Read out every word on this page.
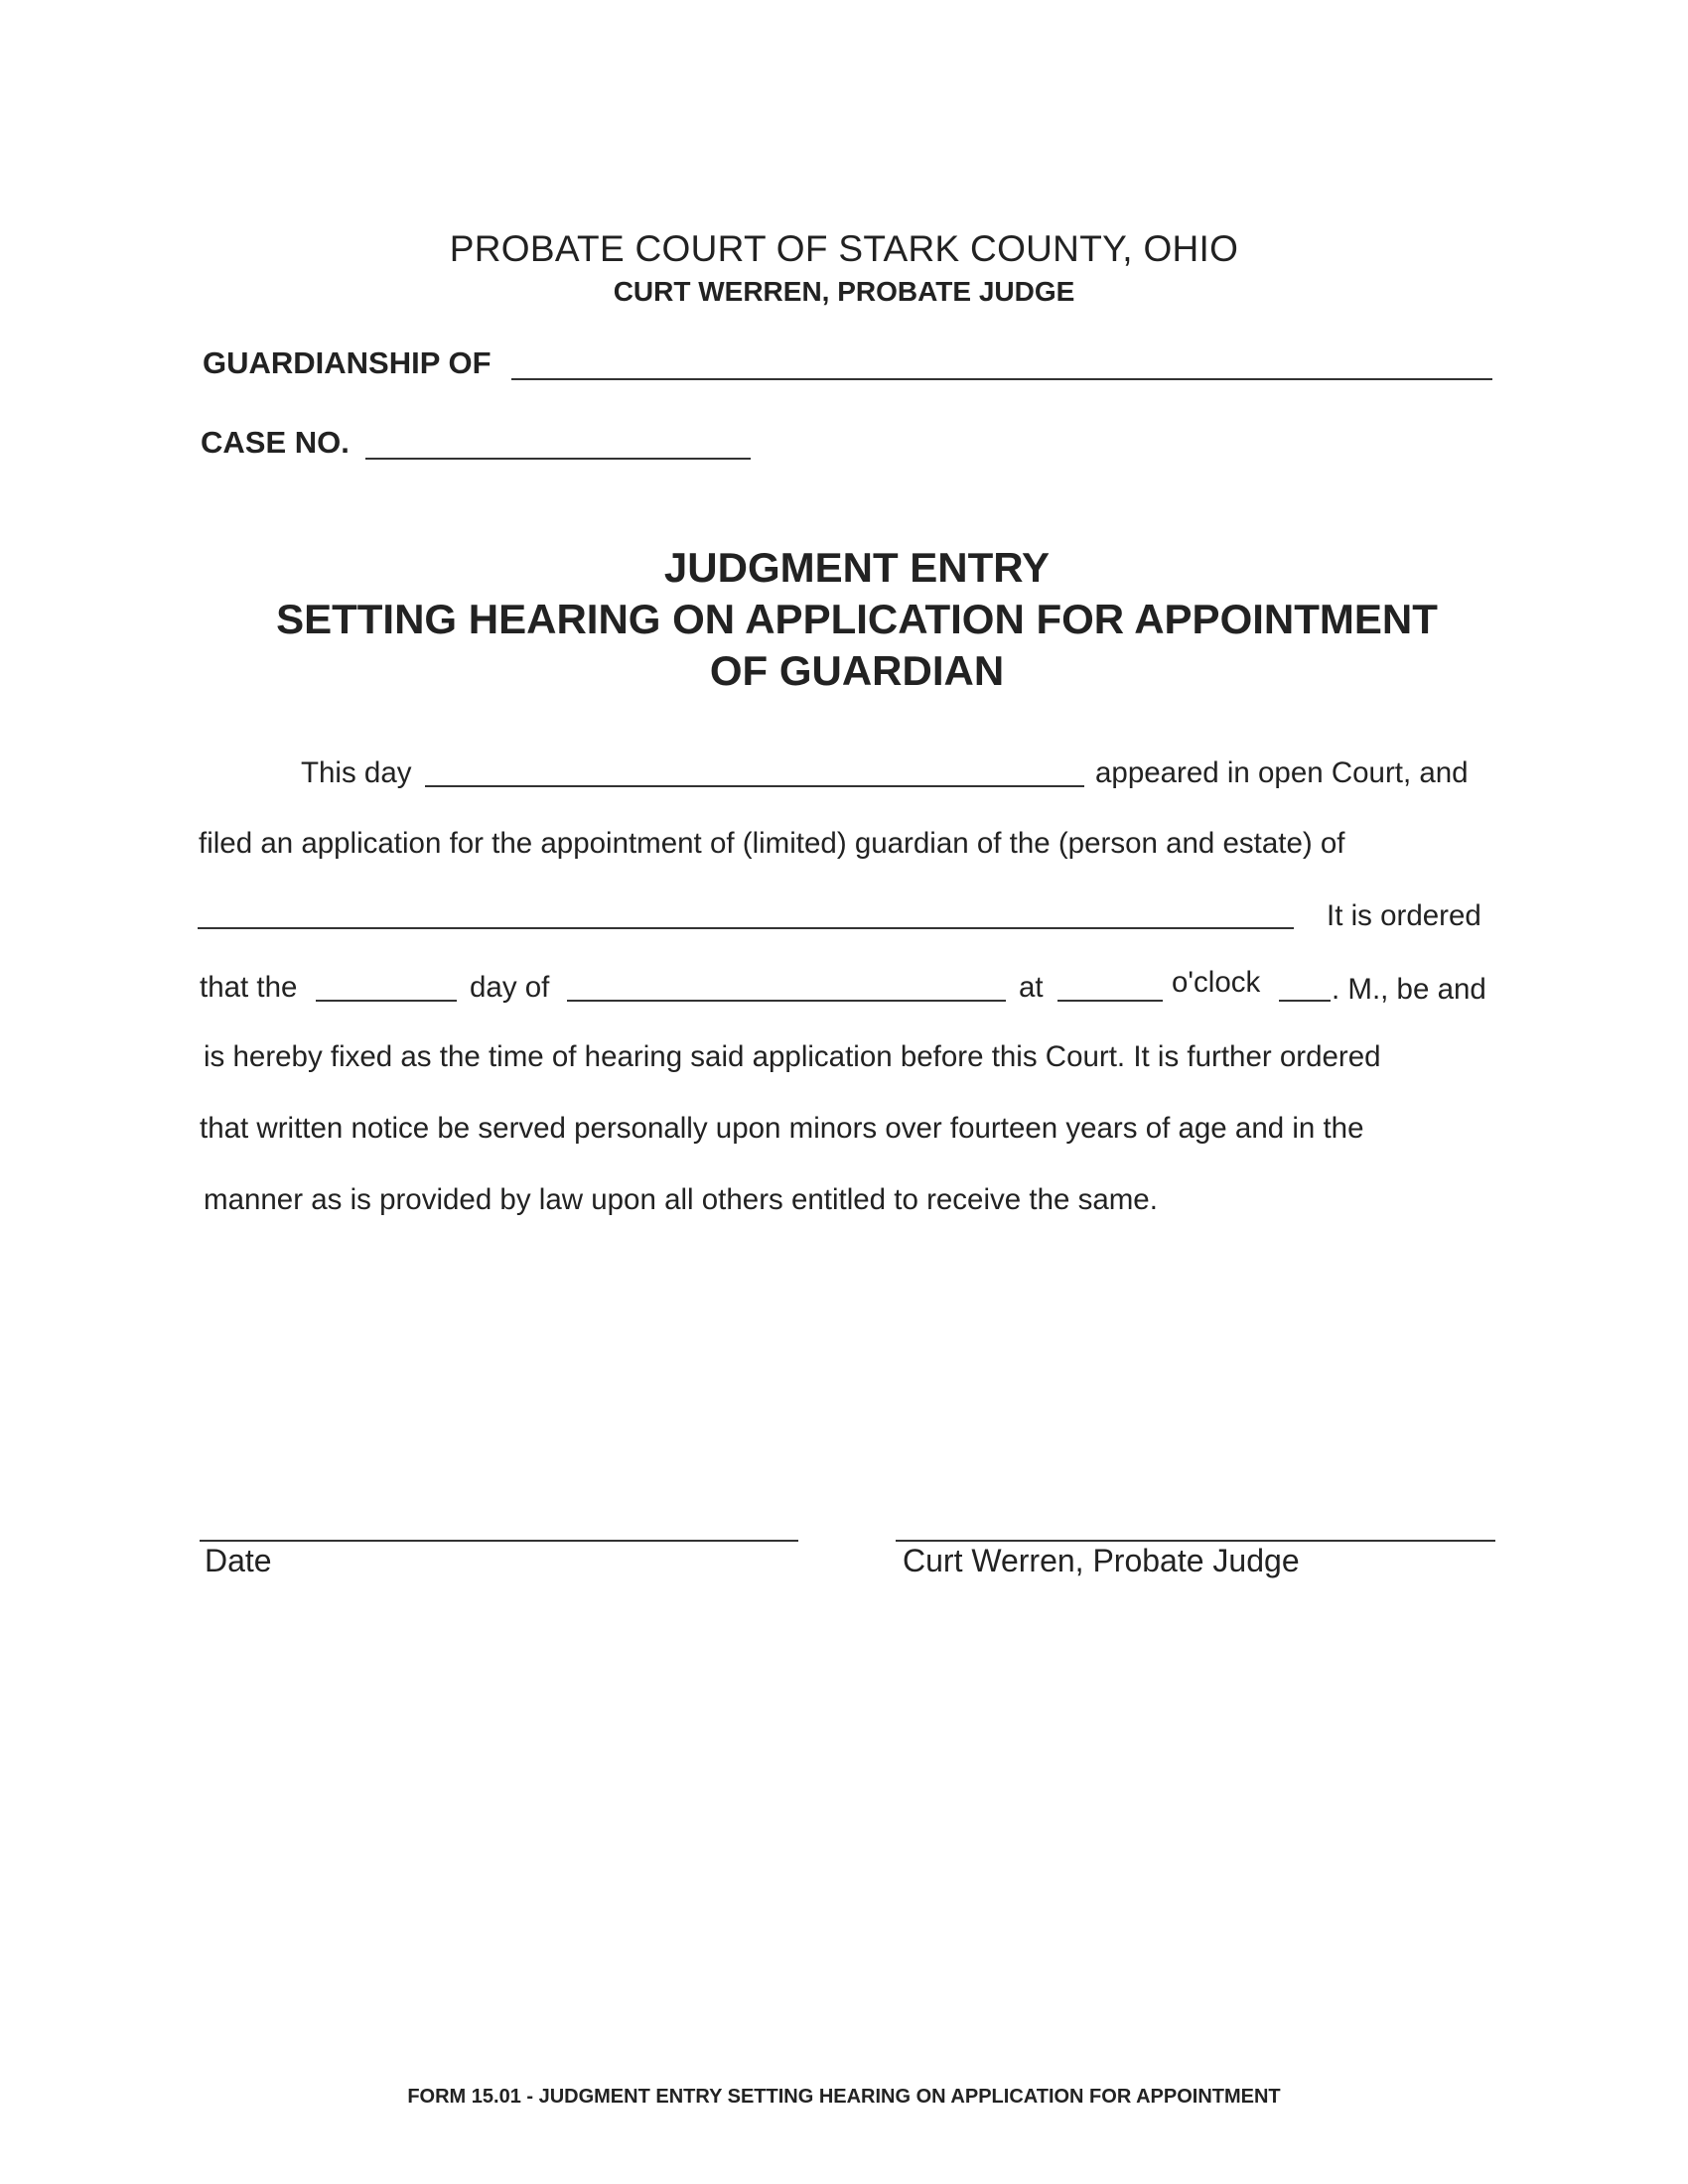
PROBATE COURT OF STARK COUNTY, OHIO
CURT WERREN, PROBATE JUDGE
GUARDIANSHIP OF
CASE NO.
JUDGMENT ENTRY
SETTING HEARING ON APPLICATION FOR APPOINTMENT
OF GUARDIAN
This day	appeared in open Court, and
filed an application for the appointment of (limited) guardian of the (person and estate) of
It is ordered
that the	day of	at	o'clock . M., be and
is hereby fixed as the time of hearing said application before this Court. It is further ordered
that written notice be served personally upon minors over fourteen years of age and in the
manner as is provided by law upon all others entitled to receive the same.
Date	Curt Werren, Probate Judge
FORM 15.01 - JUDGMENT ENTRY SETTING HEARING ON APPLICATION FOR APPOINTMENT
